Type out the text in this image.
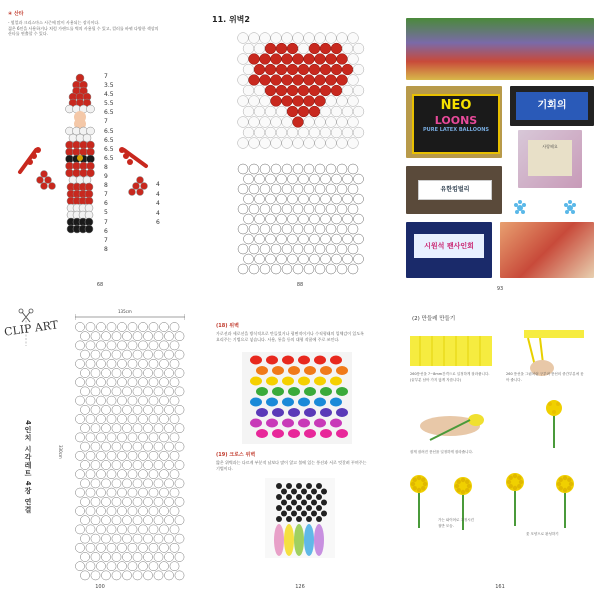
④ 산타
- 옆얼과 크리스마스 시즌에 많이 사용되는 장식이다.
젊은 6인을 사용하거나 처럼 가랜드를 벽의 사용될 수 있고, 컬러를 바꿔 다양한 색상의
산타를 연출할 수 있다.
7
3.5
4.5
5.5
6.5
7
6.5
6.5
6.5
6.5
8
9
8
7
6
5
7
6
7
8
4
4
4
4
6
68
11. 위벽2
88
NEO
LOONS
PURE LATEX BALLOONS
기회의
유한킴벌리
사랑해요
시원석 팬사인회
93
CLIP ART
4인치 시각레트 4장 연결
135cm
330cm
100
(18) 위벽
가로선과 세로선을 방식적으로 만들었거나 평면적이거나 수직형태의 입체감이 있도록
요리주는 기법으로 넣습니다. 사용, 통을 등의 대형 작품에 주로 쓰인다.
(19) 크로스 위벽
얇은 위벽과는 다르게 부분적 남보다 많이 않고 볼에 있는 풍선과 서로 엇갈려 꾸며주는
기법이다.
126
(2) 만들레 만들기
260풍선을 7~8mm간격으로 일정하게 잘라줍니다. (끝부분 남아 가지 않게 자릅니다)
260 풍선을 그림처럼 구부려 풍선의 중간부분에 꽂아 줍니다.
잘게 잘려진 풍선을 일정하게 잘라줍니다.
가는 와이어로 고정시킨 절반 모습.
꽃 모양으로 완성하기
161
